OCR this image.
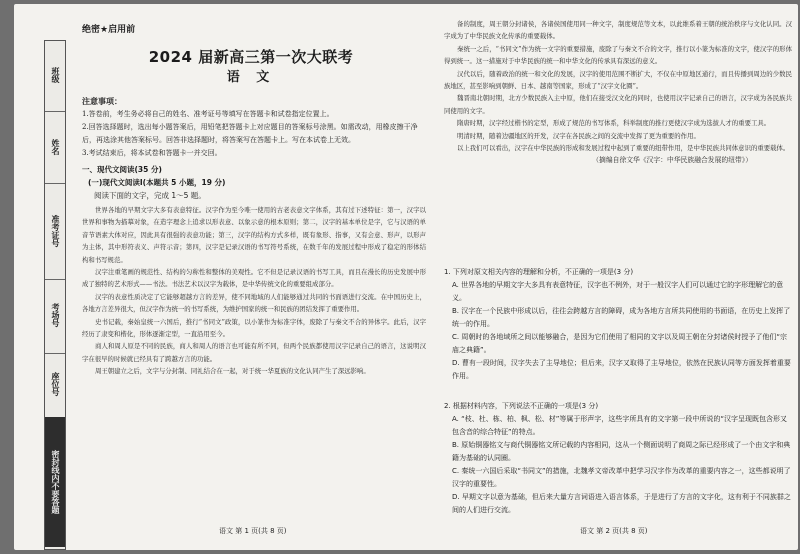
班级
姓名
准考证号
考场号
座位号
密封线内不要答题
绝密★启用前
2024 届新高三第一次大联考
语 文
注意事项：

1.答卷前，考生务必将自己的姓名、准考证号等填写在答题卡和试卷指定位置上。

2.回答选择题时，选出每小题答案后，用铅笔把答题卡上对应题目的答案标号涂黑。如需改动，用橡皮擦干净后，再选涂其他答案标号。回答非选择题时，将答案写在答题卡上。写在本试卷上无效。

3.考试结束后，将本试卷和答题卡一并交回。

一、现代文阅读(35 分)
(一)现代文阅读Ⅰ(本题共 5 小题，19 分)
阅读下面的文字，完成 1～5 题。

世界各地的早期文字大多有表意特征。汉字作为至今唯一使用的古老表意文字体系，其有过下述特征：第一，汉字以世界和事物为描摹对象，在造字理念上追求以形表意、以象示意的根本原则；第二，汉字的基本单位是字，它与汉语的单音节语素大体对应，因此具有很强的表意功能；第三，汉字的结构方式多样，既有象形、指事，又有会意、形声，以形声为主体，其中形符表义、声符示音；第四，汉字是记录汉语的书写符号系统，在数千年的发展过程中形成了稳定的形体结构和书写规范。

汉字注重笔画的规范性、结构的匀称性和整体的美观性。它不但是记录汉语的书写工具，而且在漫长的历史发展中形成了独特的艺术形式——书法。书法艺术以汉字为载体，是中华传统文化的重要组成部分。

汉字的表意性质决定了它能够超越方言的差异，使不同地域的人们能够通过共同的书面语进行交流。在中国历史上，各地方言差异很大，但汉字作为统一的书写系统，为维护国家的统一和民族的团结发挥了重要作用。

史书记载，秦始皇统一六国后，推行“书同文”政策，以小篆作为标准字体，废除了与秦文不合的异体字。此后，汉字经历了隶变和楷化，形体逐渐定型，一直沿用至今。

商人和周人原是不同的民族，商人和周人的语言也可能有所不同，但两个民族都使用汉字记录自己的语言，这说明汉字在很早的时候就已经具有了跨越方言的功能。

周王朝建立之后，文字与分封制、同礼结合在一起，对于统一华夏族的文化认同产生了深远影响。

备的制度，周王朝分封诸侯，各诸侯国使用同一种文字，制度规范等文本，以此维系着王朝的统治秩序与文化认同。汉字成为了中华民族文化传承的重要载体。

秦统一之后，“书同文”作为统一文字的重要措施，废除了与秦文不合的文字，推行以小篆为标准的文字，使汉字的形体得到统一。这一措施对于中华民族的统一和中华文化的传承具有深远的意义。

汉代以后，随着政治的统一和文化的发展，汉字的使用范围不断扩大，不仅在中原地区通行，而且传播到周边的少数民族地区，甚至影响到朝鲜、日本、越南等国家，形成了“汉字文化圈”。

魏晋南北朝时期，北方少数民族入主中原，他们在接受汉文化的同时，也使用汉字记录自己的语言，汉字成为各民族共同使用的文字。

隋唐时期，汉字经过楷书的定型，形成了规范的书写体系，科举制度的推行更使汉字成为选拔人才的重要工具。

明清时期，随着边疆地区的开发，汉字在各民族之间的交流中发挥了更为重要的作用。

以上我们可以看出，汉字在中华民族的形成和发展过程中起到了重要的纽带作用，是中华民族共同体意识的重要载体。

（摘编自徐文华《汉字：中华民族融合发展的纽带》）
1. 下列对原文相关内容的理解和分析，不正确的一项是(3 分)
A. 世界各地的早期文字大多具有表意特征，汉字也不例外，对于一般汉字人们可以通过它的字形理解它的意义。
B. 汉字在一个民族中形成以后，往往会跨越方言的障碍，成为各地方言所共同使用的书面语，在历史上发挥了统一的作用。
C. 周朝时的各地域所之间以能够融合，是因为它们使用了相同的文字以及周王朝在分封诸侯时授予了他们“宗庙之典籍”。
D. 曹有一段时间，汉字失去了主导地位；但后来，汉字又取得了主导地位，依然在民族认同等方面发挥着重要作用。
2. 根据材料内容，下列说法不正确的一项是(3 分)
A. “枝、杜、栋、柏、枫、松、材”等属于形声字，这些字所具有的文字第一段中所说的“汉字呈现既包含形又包含音的综合特征”的特点。
B. 原始铜器铭文与商代铜器铭文所记载的内容相同，这从一个侧面说明了商周之际已经形成了一个由文字和典籍为基础的认同圈。
C. 秦统一六国后采取“书同文”的措施，北魏孝文帝改革中把学习汉字作为改革的重要内容之一，这些都说明了汉字的重要性。
D. 早期文字以意为基础，但后来大量方言词语进入语言体系，于是进行了方言的文字化，这有利于不同族群之间的人们进行交流。
语文 第 1 页(共 8 页)	语文 第 2 页(共 8 页)
